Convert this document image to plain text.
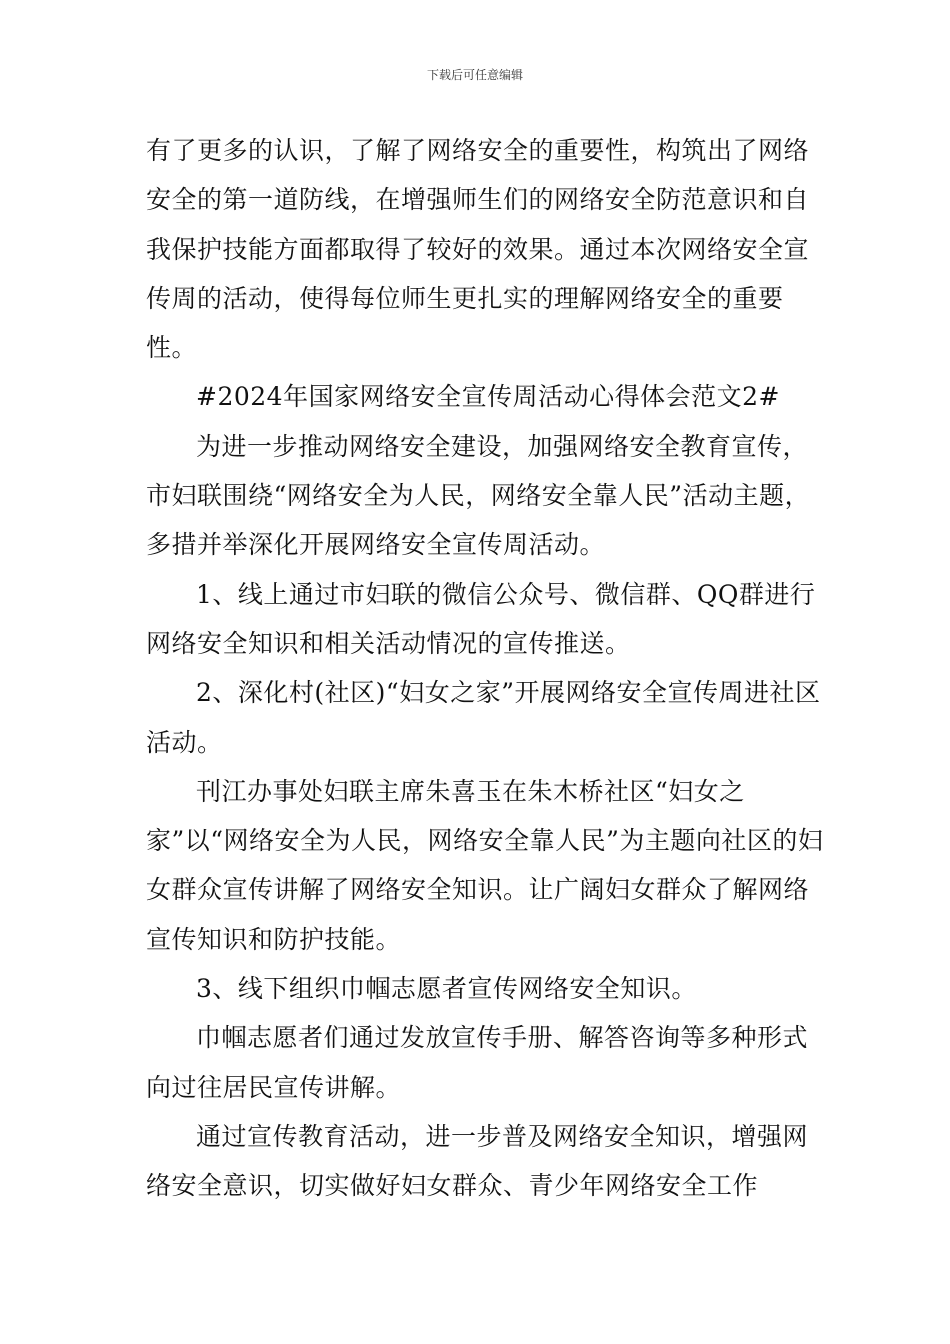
下载后可任意编辑

有了更多的认识，了解了网络安全的重要性，构筑出了网络安全的第一道防线，在增强师生们的网络安全防范意识和自我保护技能方面都取得了较好的效果。通过本次网络安全宣传周的活动，使得每位师生更扎实的理解网络安全的重要性。

#2024年国家网络安全宣传周活动心得体会范文2#

为进一步推动网络安全建设，加强网络安全教育宣传，市妇联围绕“网络安全为人民，网络安全靠人民”活动主题，多措并举深化开展网络安全宣传周活动。

1、线上通过市妇联的微信公众号、微信群、QQ群进行网络安全知识和相关活动情况的宣传推送。

2、深化村(社区)“妇女之家”开展网络安全宣传周进社区活动。

刊江办事处妇联主席朱喜玉在朱木桥社区“妇女之家”以“网络安全为人民，网络安全靠人民”为主题向社区的妇女群众宣传讲解了网络安全知识。让广阔妇女群众了解网络宣传知识和防护技能。

3、线下组织巾帼志愿者宣传网络安全知识。

巾帼志愿者们通过发放宣传手册、解答咨询等多种形式向过往居民宣传讲解。

通过宣传教育活动，进一步普及网络安全知识，增强网络安全意识，切实做好妇女群众、青少年网络安全工作
